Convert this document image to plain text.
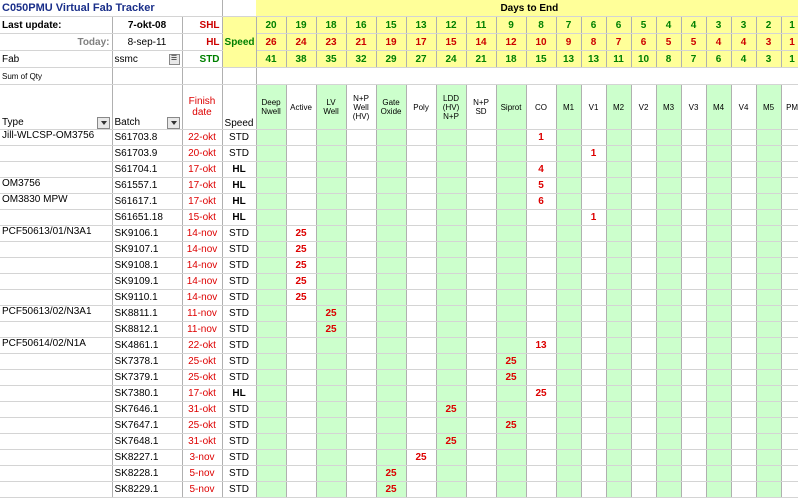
C050PMU Virtual Fab Tracker				Days to End																			
Last update:	7-okt-08	SHL	Speed	20	19	18	16	15	13	12	11	9	8	7	6	6	5	4	4	3	3	2	1
Today:	8-sep-11	HL		26	24	23	21	19	17	15	14	12	10	9	8	7	6	5	5	4	4	3	1
Fab	ssmc ☰	STD		41	38	35	32	29	27	24	21	18	15	13	13	11	10	8	7	6	4	3	1
Sum of Qty																							
Type	Batch	Finish date	Speed	Deep Nwell	Active	LV Well	N+P Well (HV)	Gate Oxide	Poly	LDD (HV) N+P	N+P SD	Siprot	CO	M1	V1	M2	V2	M3	V3	M4	V4	M5	PM
Jill-WLCSP-OM3756	S61703.8	22-okt	STD										1										
	S61703.9	20-okt	STD												1								
	S61704.1	17-okt	HL										4										
OM3756	S61557.1	17-okt	HL										5										
OM3830 MPW	S61617.1	17-okt	HL										6										
	S61651.18	15-okt	HL												1								
PCF50613/01/N3A1	SK9106.1	14-nov	STD		25																		
	SK9107.1	14-nov	STD		25																		
	SK9108.1	14-nov	STD		25																		
	SK9109.1	14-nov	STD		25																		
	SK9110.1	14-nov	STD		25																		
PCF50613/02/N3A1	SK8811.1	11-nov	STD			25																	
	SK8812.1	11-nov	STD			25																	
PCF50614/02/N1A	SK4861.1	22-okt	STD										13										
	SK7378.1	25-okt	STD									25											
	SK7379.1	25-okt	STD									25											
	SK7380.1	17-okt	HL										25										
	SK7646.1	31-okt	STD							25													
	SK7647.1	25-okt	STD									25											
	SK7648.1	31-okt	STD							25													
	SK8227.1	3-nov	STD						25														
	SK8228.1	5-nov	STD					25															
	SK8229.1	5-nov	STD					25															
